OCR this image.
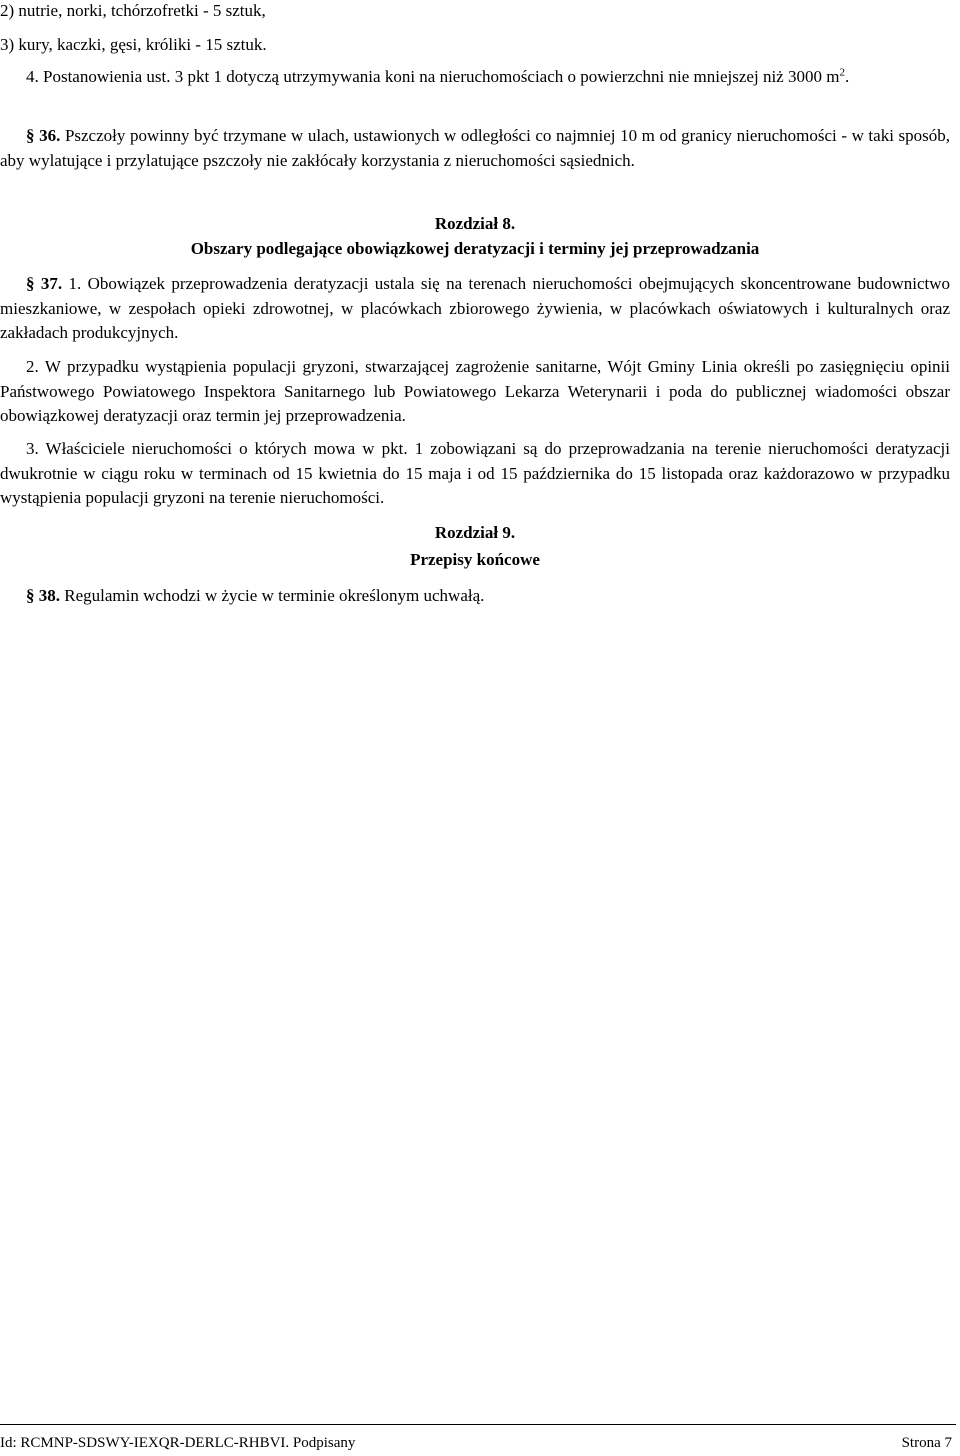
2) nutrie, norki, tchórzofretki - 5 sztuk,
3) kury, kaczki, gęsi, króliki - 15 sztuk.
4. Postanowienia ust. 3 pkt 1 dotyczą utrzymywania koni na nieruchomościach o powierzchni nie mniejszej niż 3000 $m^2$.
§ 36. Pszczoły powinny być trzymane w ulach, ustawionych w odległości co najmniej 10 m od granicy nieruchomości - w taki sposób, aby wylatujące i przylatujące pszczoły nie zakłócały korzystania z nieruchomości sąsiednich.
Rozdział 8.
Obszary podlegające obowiązkowej deratyzacji i terminy jej przeprowadzania
§ 37. 1. Obowiązek przeprowadzenia deratyzacji ustala się na terenach nieruchomości obejmujących skoncentrowane budownictwo mieszkaniowe, w zespołach opieki zdrowotnej, w placówkach zbiorowego żywienia, w placówkach oświatowych i kulturalnych oraz zakładach produkcyjnych.
2. W przypadku wystąpienia populacji gryzoni, stwarzającej zagrożenie sanitarne, Wójt Gminy Linia określi po zasięgnięciu opinii Państwowego Powiatowego Inspektora Sanitarnego lub Powiatowego Lekarza Weterynarii i poda do publicznej wiadomości obszar obowiązkowej deratyzacji oraz termin jej przeprowadzenia.
3. Właściciele nieruchomości o których mowa w pkt. 1 zobowiązani są do przeprowadzania na terenie nieruchomości deratyzacji dwukrotnie w ciągu roku w terminach od 15 kwietnia do 15 maja i od 15 października do 15 listopada oraz każdorazowo w przypadku wystąpienia populacji gryzoni na terenie nieruchomości.
Rozdział 9.
Przepisy końcowe
§ 38. Regulamin wchodzi w życie w terminie określonym uchwałą.
Id: RCMNP-SDSWY-IEXQR-DERLC-RHBVI. Podpisany	Strona 7
